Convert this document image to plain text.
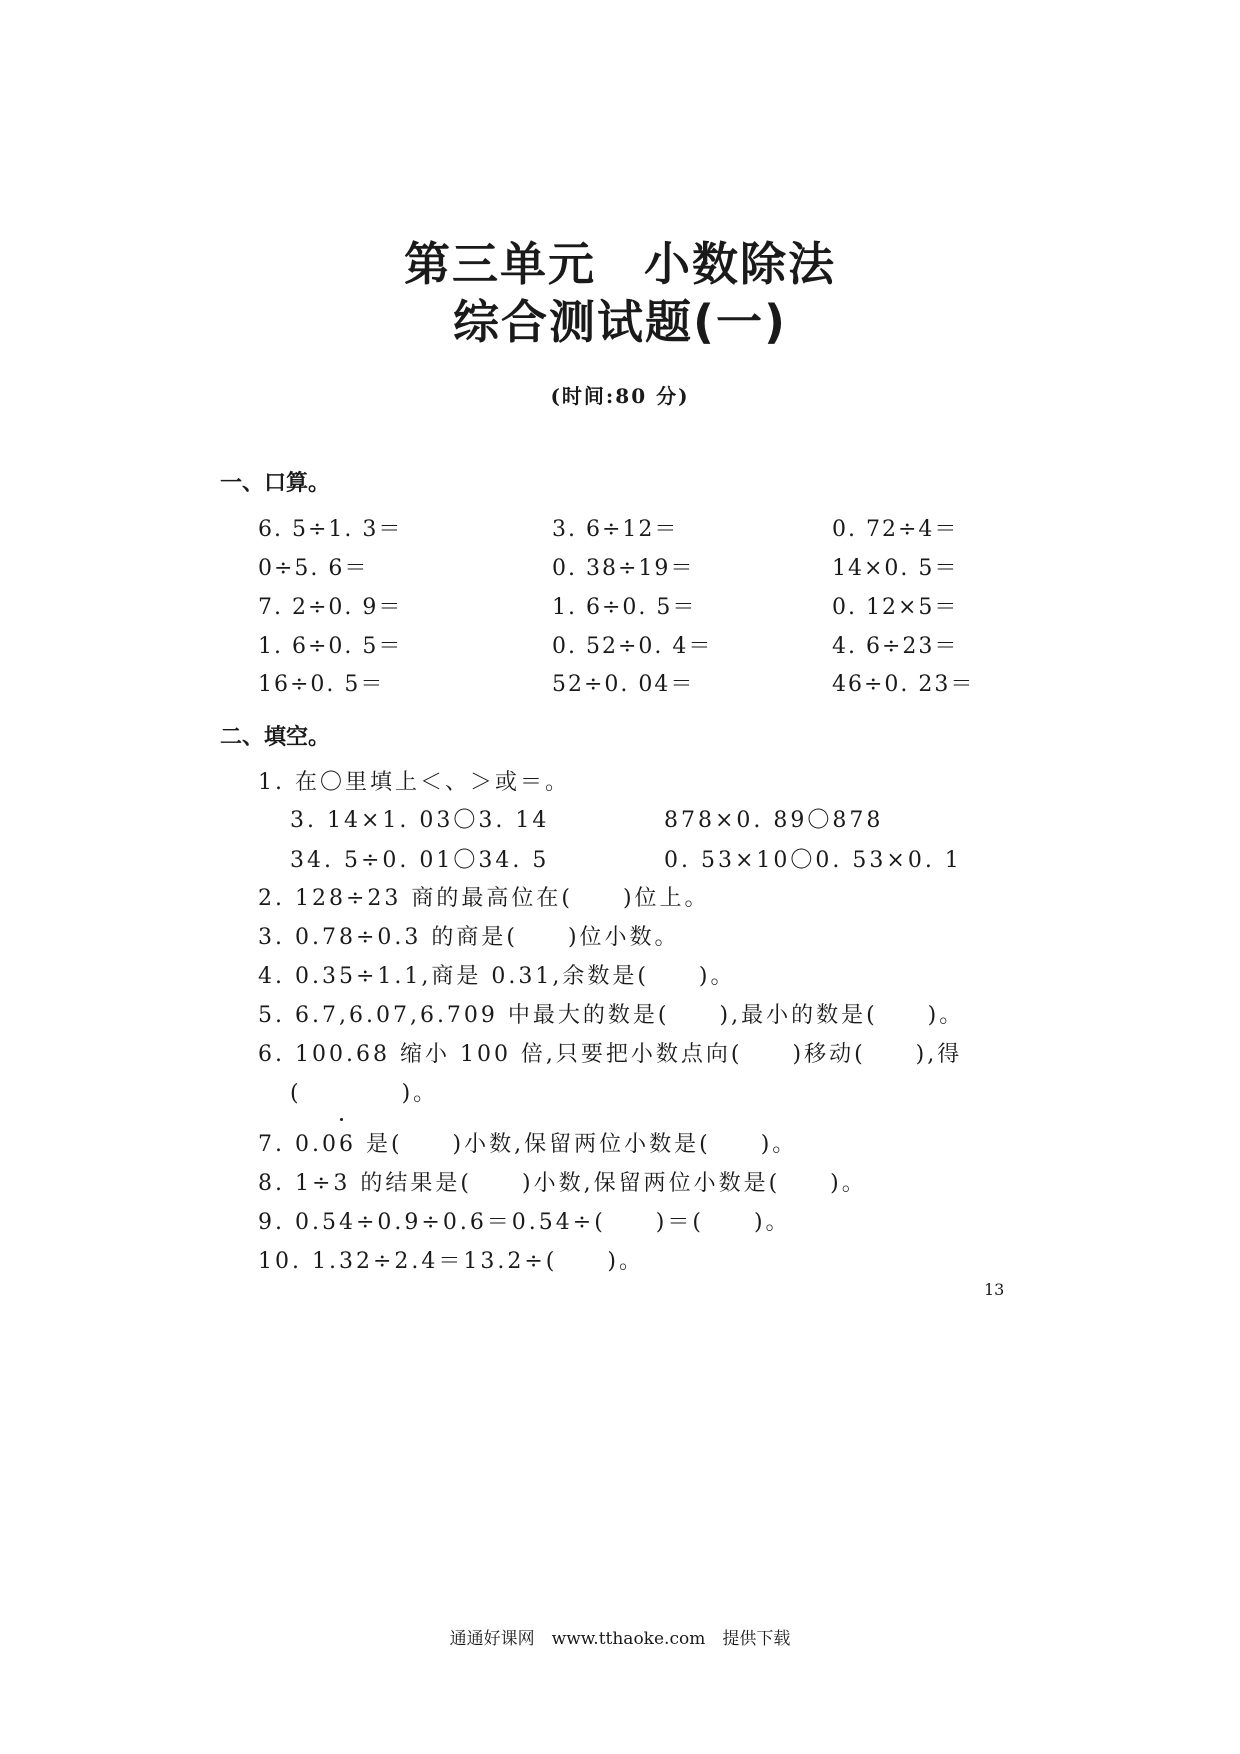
第三单元　小数除法
综合测试题(一)
(时间:80 分)
一、口算。
6. 5÷1. 3＝	3. 6÷12＝	0. 72÷4＝
0÷5. 6＝	0. 38÷19＝	14×0. 5＝
7. 2÷0. 9＝	1. 6÷0. 5＝	0. 12×5＝
1. 6÷0. 5＝	0. 52÷0. 4＝	4. 6÷23＝
16÷0. 5＝	52÷0. 04＝	46÷0. 23＝
二、填空。
1. 在〇里填上＜、＞或＝。
3. 14×1. 03〇3. 14	878×0. 89〇878
34. 5÷0. 01〇34. 5	0. 53×10〇0. 53×0. 1
2. 128÷23 商的最高位在(　　)位上。
3. 0.78÷0.3 的商是(　　)位小数。
4. 0.35÷1.1,商是 0.31,余数是(　　)。
5. 6.7,6.07,6.709 中最大的数是(　　),最小的数是(　　)。
6. 100.68 缩小 100 倍,只要把小数点向(　　)移动(　　),得
(　　　　)。
7. 0.06 是(　　)小数,保留两位小数是(　　)。
8. 1÷3 的结果是(　　)小数,保留两位小数是(　　)。
9. 0.54÷0.9÷0.6＝0.54÷(　　)＝(　　)。
10. 1.32÷2.4＝13.2÷(　　)。
13
通通好课网　www.tthaoke.com　提供下载
